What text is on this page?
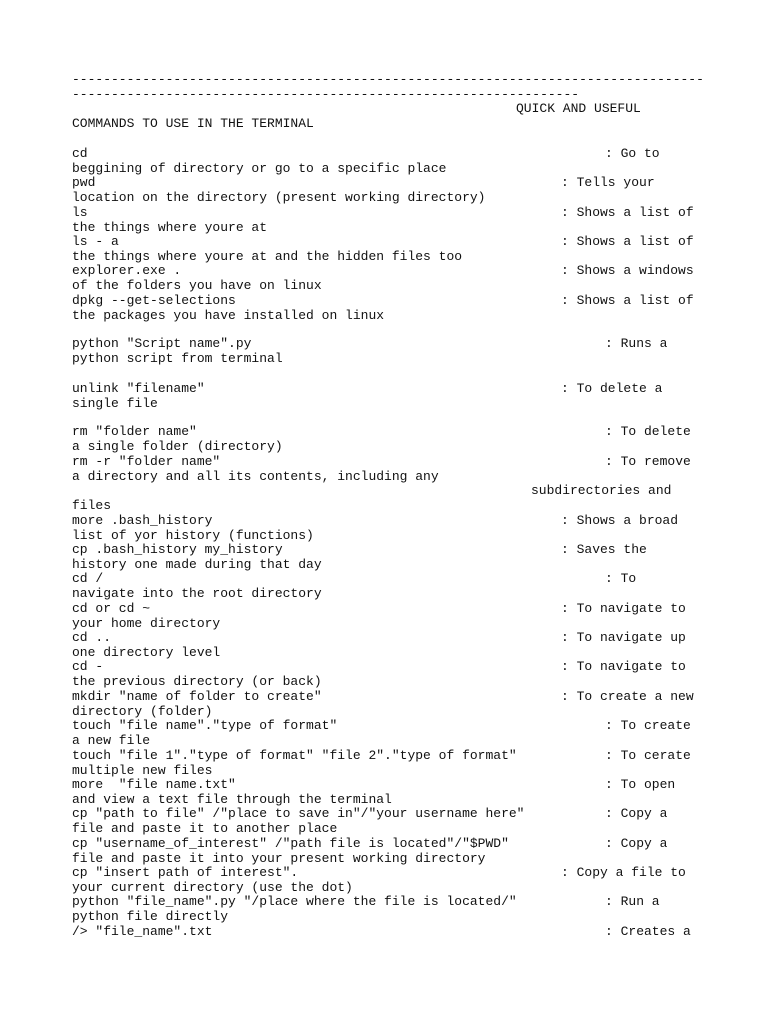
---------------------------------------------------------------------------------
-----------------------------------------------------------------
QUICK AND USEFUL
COMMANDS TO USE IN THE TERMINAL
cd	: Go to
beggining of directory or go to a specific place
pwd	: Tells your
location on the directory (present working directory)
ls	: Shows a list of
the things where youre at
ls - a	: Shows a list of
the things where youre at and the hidden files too
explorer.exe .	: Shows a windows
of the folders you have on linux
dpkg --get-selections	: Shows a list of
the packages you have installed on linux
python "Script name".py	: Runs a
python script from terminal
unlink "filename"	: To delete a
single file
rm "folder name"	: To delete
a single folder (directory)
rm -r "folder name"	: To remove
a directory and all its contents, including any
subdirectories and
files
more .bash_history	: Shows a broad
list of yor history (functions)
cp .bash_history my_history	: Saves the
history one made during that day
cd /	: To
navigate into the root directory
cd or cd ~	: To navigate to
your home directory
cd ..	: To navigate up
one directory level
cd -	: To navigate to
the previous directory (or back)
mkdir "name of folder to create"	: To create a new
directory (folder)
touch "file name"."type of format"	: To create
a new file
touch "file 1"."type of format" "file 2"."type of format"	: To cerate
multiple new files
more  "file name.txt"	: To open
and view a text file through the terminal
cp "path to file" /"place to save in"/"your username here"	: Copy a
file and paste it to another place
cp "username_of_interest" /"path file is located"/"$PWD"	: Copy a
file and paste it into your present working directory
cp "insert path of interest".	: Copy a file to
your current directory (use the dot)
python "file_name".py "/place where the file is located/"	: Run a
python file directly
/> "file_name".txt	: Creates a
